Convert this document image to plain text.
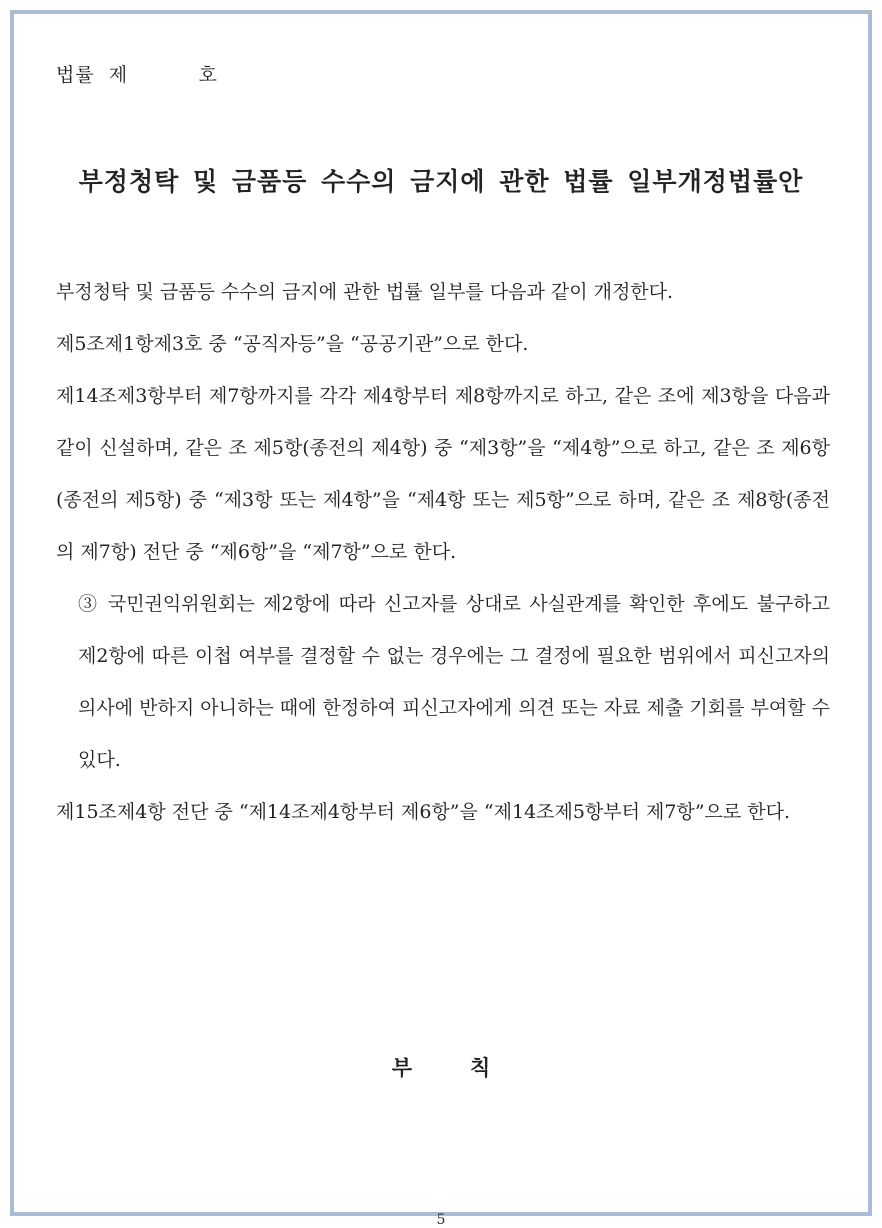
법률  제          호
부정청탁 및 금품등 수수의 금지에 관한 법률 일부개정법률안

부정청탁 및 금품등 수수의 금지에 관한 법률 일부를 다음과 같이 개정한다.

제5조제1항제3호 중 “공직자등”을 “공공기관”으로 한다.

제14조제3항부터 제7항까지를 각각 제4항부터 제8항까지로 하고, 같은 조에 제3항을 다음과 같이 신설하며, 같은 조 제5항(종전의 제4항) 중 “제3항”을 “제4항”으로 하고, 같은 조 제6항(종전의 제5항) 중 “제3항 또는 제4항”을 “제4항 또는 제5항”으로 하며, 같은 조 제8항(종전의 제7항) 전단 중 “제6항”을 “제7항”으로 한다.

③ 국민권익위원회는 제2항에 따라 신고자를 상대로 사실관계를 확인한 후에도 불구하고 제2항에 따른 이첩 여부를 결정할 수 없는 경우에는 그 결정에 필요한 범위에서 피신고자의 의사에 반하지 아니하는 때에 한정하여 피신고자에게 의견 또는 자료 제출 기회를 부여할 수 있다.

제15조제4항 전단 중 “제14조제4항부터 제6항”을 “제14조제5항부터 제7항”으로 한다.

부칙
5
